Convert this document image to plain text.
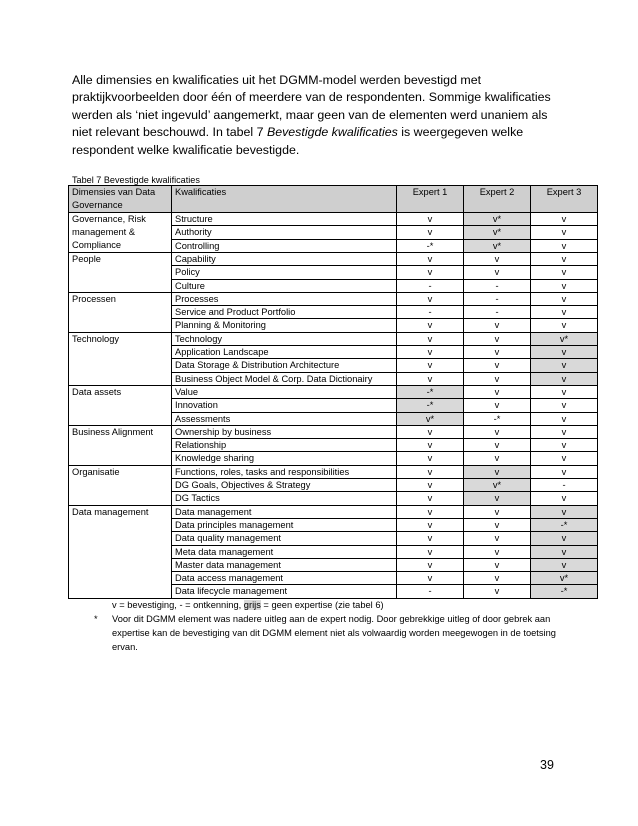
Alle dimensies en kwalificaties uit het DGMM-model werden bevestigd met praktijkvoorbeelden door één of meerdere van de respondenten. Sommige kwalificaties werden als ‘niet ingevuld’ aangemerkt, maar geen van de elementen werd unaniem als niet relevant beschouwd. In tabel 7 Bevestigde kwalificaties is weergegeven welke respondent welke kwalificatie bevestigde.

Tabel 7 Bevestigde kwalificaties
Dimensies van Data Governance	Kwalificaties	Expert 1	Expert 2	Expert 3
Governance, Risk management & Compliance	Structure	v	v*	v
	Authority	v	v*	v
	Controlling	-*	v*	v
People	Capability	v	v	v
	Policy	v	v	v
	Culture	-	-	v
Processen	Processes	v	-	v
	Service and Product Portfolio	-	-	v
	Planning & Monitoring	v	v	v
Technology	Technology	v	v	v*
	Application Landscape	v	v	v
	Data Storage & Distribution Architecture	v	v	v
	Business Object Model & Corp. Data Dictionairy	v	v	v
Data assets	Value	-*	v	v
	Innovation	-*	v	v
	Assessments	v*	-*	v
Business Alignment	Ownership by business	v	v	v
	Relationship	v	v	v
	Knowledge sharing	v	v	v
Organisatie	Functions, roles, tasks and responsibilities	v	v	v
	DG Goals, Objectives & Strategy	v	v*	-
	DG Tactics	v	v	v
Data management	Data management	v	v	v
	Data principles management	v	v	-*
	Data quality management	v	v	v
	Meta data management	v	v	v
	Master data management	v	v	v
	Data access management	v	v	v*
	Data lifecycle management	-	v	-*
v = bevestiging, - = ontkenning, grijs = geen expertise (zie tabel 6)
* Voor dit DGMM element was nadere uitleg aan de expert nodig. Door gebrekkige uitleg of door gebrek aan expertise kan de bevestiging van dit DGMM element niet als volwaardig worden meegewogen in de toetsing ervan.
39
